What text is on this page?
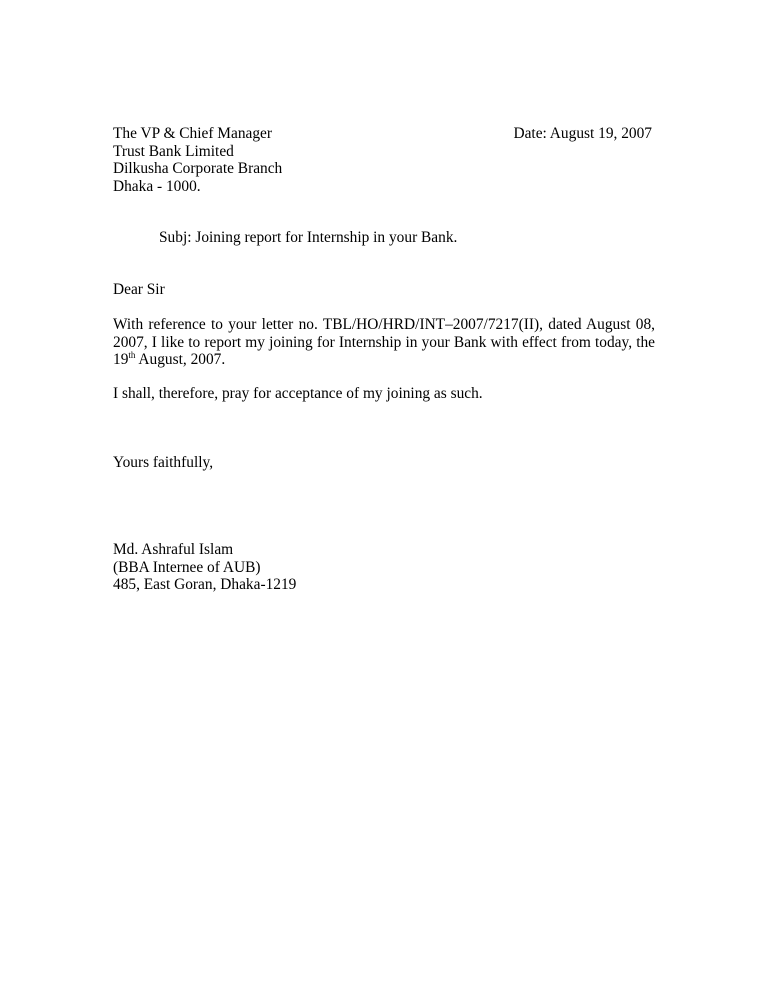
The VP & Chief Manager
Trust Bank Limited
Dilkusha Corporate Branch
Dhaka - 1000.
Date: August 19, 2007
Subj: Joining report for Internship in your Bank.
Dear Sir
With reference to your letter no. TBL/HO/HRD/INT–2007/7217(II), dated August 08,
2007, I like to report my joining for Internship in your Bank with effect from today, the
19th August, 2007.
I shall, therefore, pray for acceptance of my joining as such.
Yours faithfully,
Md. Ashraful Islam
(BBA Internee of AUB)
485, East Goran, Dhaka-1219
